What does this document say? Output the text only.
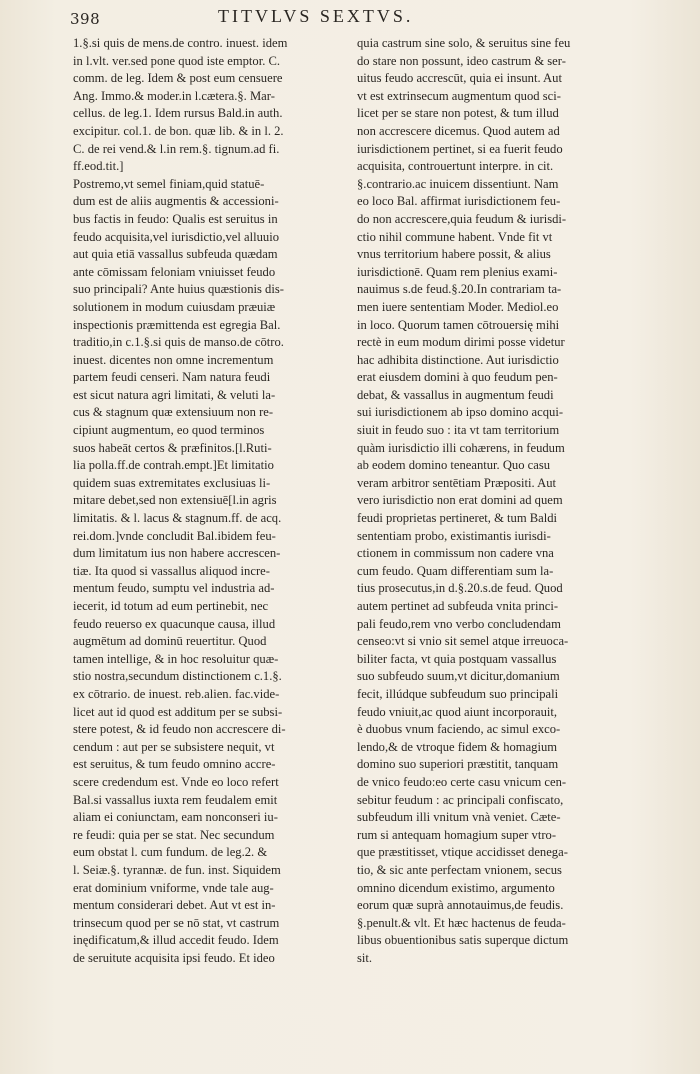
398	TITVLVS SEXTVS.
1.§.si quis de mens.de contro. inuest. idem
in l.vlt. ver.sed pone quod iste emptor. C.
comm. de leg. Idem & post eum censuere
Ang. Immo.& moder.in l.cætera.§. Mar-
cellus. de leg.1. Idem rursus Bald.in auth.
excipitur. col.1. de bon. quæ lib. & in l. 2.
C. de rei vend.& l.in rem.§. tignum.ad fi.
ff.eod.tit.]
Postremo,vt semel finiam,quid statuē-
dum est de aliis augmentis & accessioni-
bus factis in feudo: Qualis est seruitus in
feudo acquisita,vel iurisdictio,vel alluuio
aut quia etiā vassallus subfeuda quædam
ante cōmissam feloniam vniuisset feudo
suo principali? Ante huius quæstionis dis-
solutionem in modum cuiusdam præuiæ
inspectionis præmittenda est egregia Bal.
traditio,in c.1.§.si quis de manso.de cōtro.
inuest. dicentes non omne incrementum
partem feudi censeri. Nam natura feudi
est sicut natura agri limitati, & veluti la-
cus & stagnum quæ extensiuum non re-
cipiunt augmentum, eo quod terminos
suos habeāt certos & præfinitos.[l.Ruti-
lia polla.ff.de contrah.empt.]Et limitatio
quidem suas extremitates exclusiuas li-
mitare debet,sed non extensiuē[l.in agris
limitatis. & l. lacus & stagnum.ff. de acq.
rei.dom.]vnde concludit Bal.ibidem feu-
dum limitatum ius non habere accrescen-
tiæ. Ita quod si vassallus aliquod incre-
mentum feudo, sumptu vel industria ad-
iecerit, id totum ad eum pertinebit, nec
feudo reuerso ex quacunque causa, illud
augmētum ad dominū reuertitur. Quod
tamen intellige, & in hoc resoluitur quæ-
stio nostra,secundum distinctionem c.1.§.
ex cōtrario. de inuest. reb.alien. fac.vide-
licet aut id quod est additum per se subsi-
stere potest, & id feudo non accrescere di-
cendum : aut per se subsistere nequit, vt
est seruitus, & tum feudo omnino accre-
scere credendum est. Vnde eo loco refert
Bal.si vassallus iuxta rem feudalem emit
aliam ei coniunctam, eam nonconseri iu-
re feudi: quia per se stat. Nec secundum
eum obstat l. cum fundum. de leg.2. &
l. Seiæ.§. tyrannæ. de fun. inst. Siquidem
erat dominium vniforme, vnde tale aug-
mentum considerari debet. Aut vt est in-
trinsecum quod per se nō stat, vt castrum
inędificatum,& illud accedit feudo. Idem
de seruitute acquisita ipsi feudo. Et ideo
quia castrum sine solo, & seruitus sine feu
do stare non possunt, ideo castrum & ser-
uitus feudo accrescūt, quia ei insunt. Aut
vt est extrinsecum augmentum quod sci-
licet per se stare non potest, & tum illud
non accrescere dicemus. Quod autem ad
iurisdictionem pertinet, si ea fuerit feudo
acquisita, controuertunt interpre. in cit.
§.contrario.ac inuicem dissentiunt. Nam
eo loco Bal. affirmat iurisdictionem feu-
do non accrescere,quia feudum & iurisdi-
ctio nihil commune habent. Vnde fit vt
vnus territorium habere possit, & alius
iurisdictionē. Quam rem plenius exami-
nauimus s.de feud.§.20.In contrariam ta-
men iuere sententiam Moder. Mediol.eo
in loco. Quorum tamen cōtrouersię mihi
rectè in eum modum dirimi posse videtur
hac adhibita distinctione. Aut iurisdictio
erat eiusdem domini à quo feudum pen-
debat, & vassallus in augmentum feudi
sui iurisdictionem ab ipso domino acqui-
siuit in feudo suo : ita vt tam territorium
quàm iurisdictio illi cohærens, in feudum
ab eodem domino teneantur. Quo casu
veram arbitror sentētiam Præpositi. Aut
vero iurisdictio non erat domini ad quem
feudi proprietas pertineret, & tum Baldi
sententiam probo, existimantis iurisdi-
ctionem in commissum non cadere vna
cum feudo. Quam differentiam sum la-
tius prosecutus,in d.§.20.s.de feud. Quod
autem pertinet ad subfeuda vnita princi-
pali feudo,rem vno verbo concludendam
censeo:vt si vnio sit semel atque irreuoca-
biliter facta, vt quia postquam vassallus
suo subfeudo suum,vt dicitur,domanium
fecit, illúdque subfeudum suo principali
feudo vniuit,ac quod aiunt incorporauit,
è duobus vnum faciendo, ac simul exco-
lendo,& de vtroque fidem & homagium
domino suo superiori præstitit, tanquam
de vnico feudo:eo certe casu vnicum cen-
sebitur feudum : ac principali confiscato,
subfeudum illi vnitum vnà veniet. Cæte-
rum si antequam homagium super vtro-
que præstitisset, vtique accidisset denega-
tio, & sic ante perfectam vnionem, secus
omnino dicendum existimo, argumento
eorum quæ suprà annotauimus,de feudis.
§.penult.& vlt. Et hæc hactenus de feuda-
libus obuentionibus satis superque dictum
sit.
